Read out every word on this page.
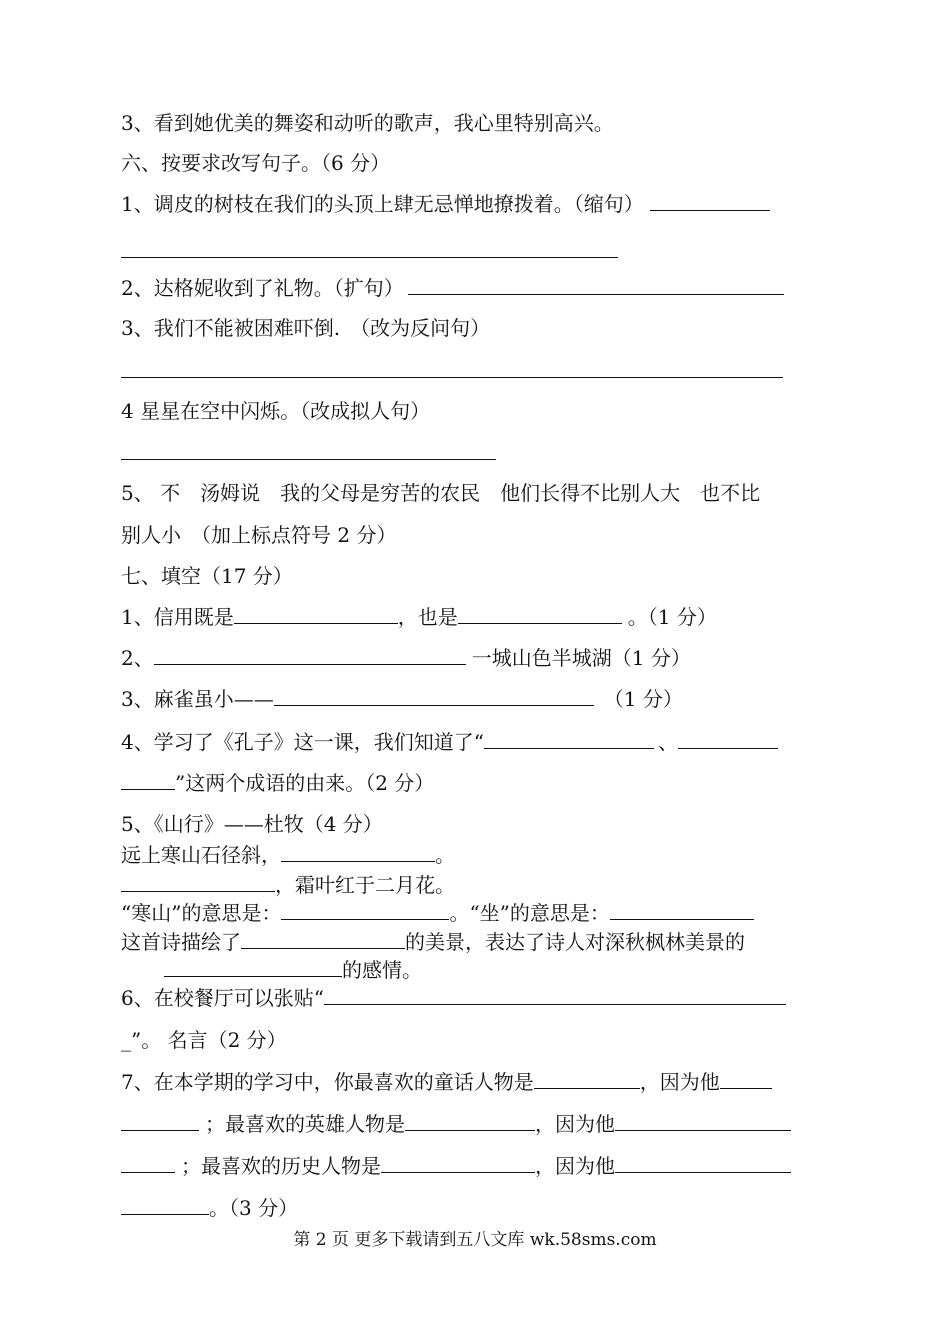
3、看到她优美的舞姿和动听的歌声，我心里特别高兴。
六、按要求改写句子。（6 分）
1、调皮的树枝在我们的头顶上肆无忌惮地撩拨着。（缩句）
2、达格妮收到了礼物。（扩句）
3、我们不能被困难吓倒.　（改为反问句）
4 星星在空中闪烁。（改成拟人句）
5、 不　汤姆说　我的父母是穷苦的农民　他们长得不比别人大　也不比
别人小　（加上标点符号 2 分）
七、填空（17 分）
1、信用既是	，也是	。（1 分）
2、	一城山色半城湖（1 分）
3、麻雀虽小——	（1 分）
4、学习了《孔子》这一课，我们知道了“	、
”这两个成语的由来。（2 分）
5、《山行》——杜牧（4 分）
远上寒山石径斜，	。
，霜叶红于二月花。
“寒山”的意思是：	。“坐”的意思是：
这首诗描绘了	的美景，表达了诗人对深秋枫林美景的
的感情。
6、在校餐厅可以张贴“
_”。 名言（2 分）
7、在本学期的学习中，你最喜欢的童话人物是	，因为他
；最喜欢的英雄人物是	，因为他
；最喜欢的历史人物是	，因为他
。（3 分）
第 2 页 更多下载请到五八文库 wk.58sms.com
